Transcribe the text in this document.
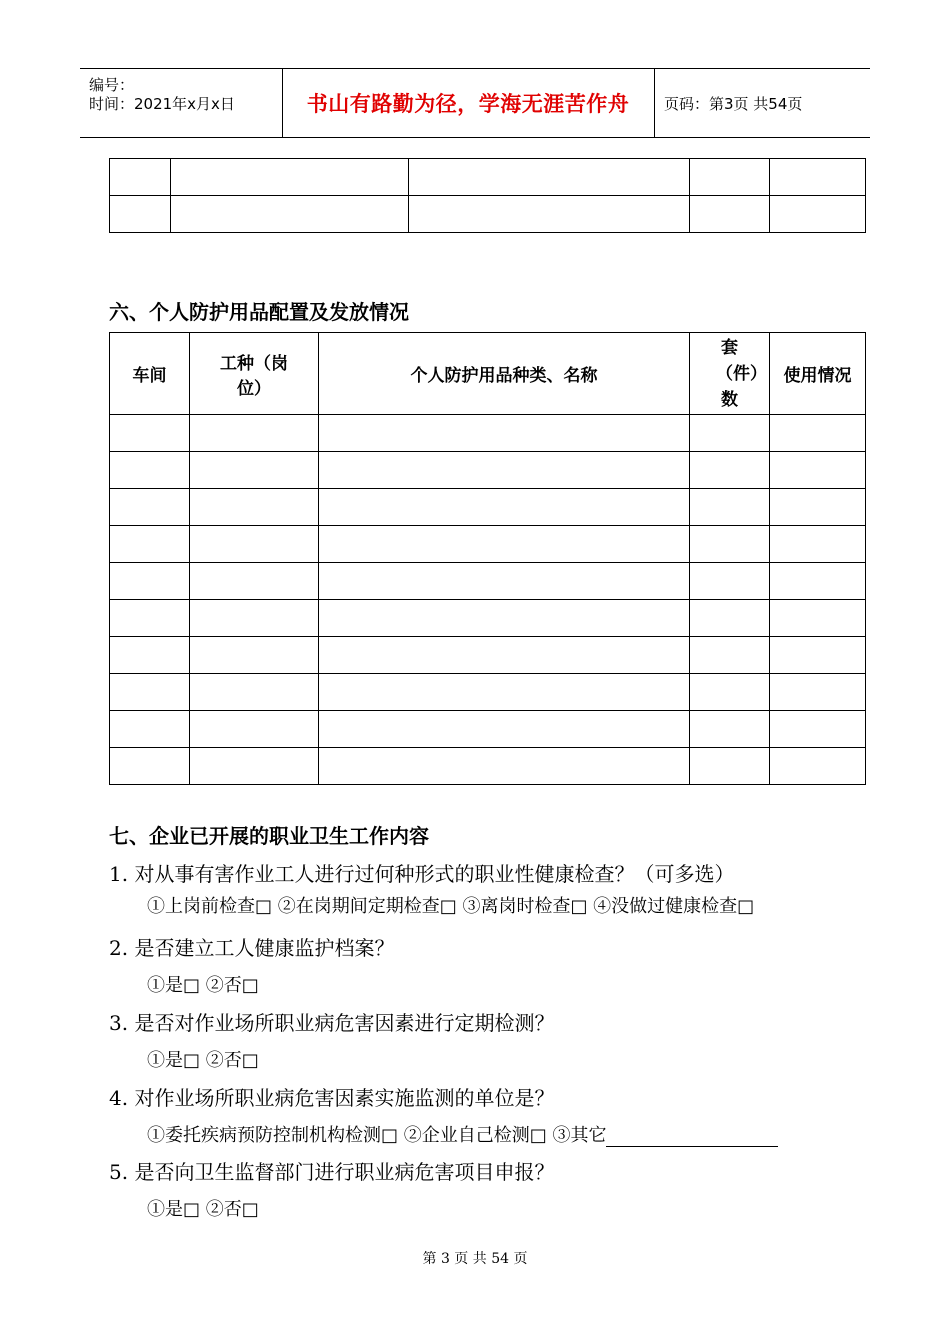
编号：
时间：2021年x月x日	书山有路勤为径，学海无涯苦作舟 页码：第3页 共54页

六、个人防护用品配置及发放情况
车间	工种（岗位）	个人防护用品种类、名称	套（件）数	使用情况

七、企业已开展的职业卫生工作内容
1. 对从事有害作业工人进行过何种形式的职业性健康检查？（可多选）
①上岗前检查□ ②在岗期间定期检查□ ③离岗时检查□ ④没做过健康检查□
2. 是否建立工人健康监护档案？
①是□ ②否□
3. 是否对作业场所职业病危害因素进行定期检测？
①是□ ②否□
4. 对作业场所职业病危害因素实施监测的单位是？
①委托疾病预防控制机构检测□ ②企业自己检测□ ③其它
5. 是否向卫生监督部门进行职业病危害项目申报？
①是□ ②否□
第 3 页 共 54 页
